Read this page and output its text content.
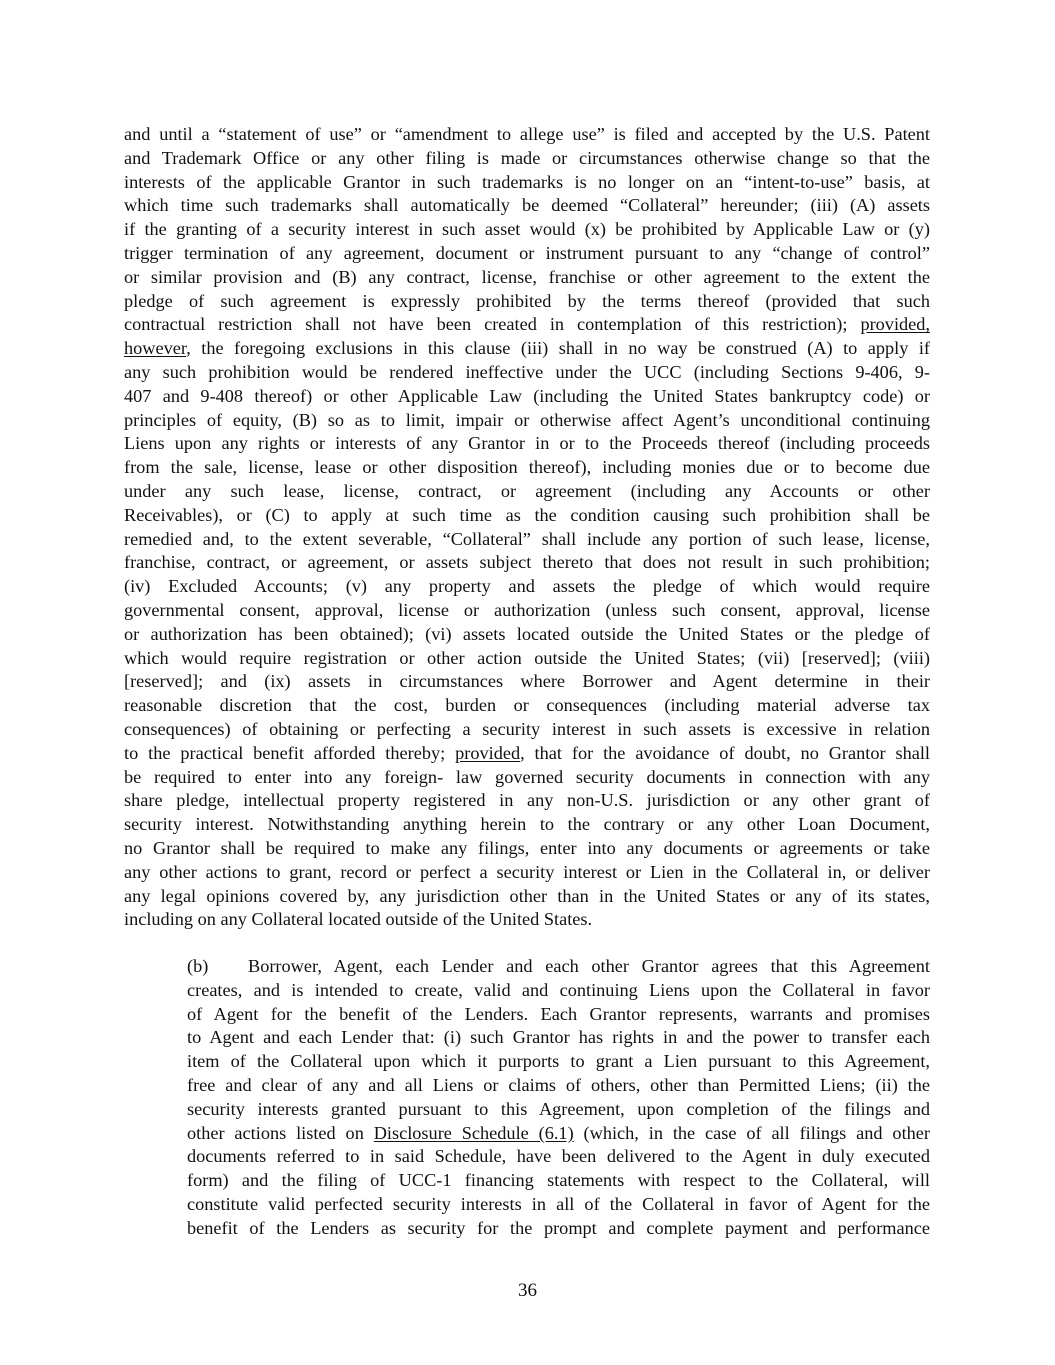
and until a “statement of use” or “amendment to allege use” is filed and accepted by the U.S. Patent
and Trademark Office or any other filing is made or circumstances otherwise change so that the
interests of the applicable Grantor in such trademarks is no longer on an “intent-to-use” basis, at
which time such trademarks shall automatically be deemed “Collateral” hereunder; (iii) (A) assets
if the granting of a security interest in such asset would (x) be prohibited by Applicable Law or (y)
trigger termination of any agreement, document or instrument pursuant to any “change of control”
or similar provision and (B) any contract, license, franchise or other agreement to the extent the
pledge of such agreement is expressly prohibited by the terms thereof (provided that such
contractual restriction shall not have been created in contemplation of this restriction); provided,
however, the foregoing exclusions in this clause (iii) shall in no way be construed (A) to apply if
any such prohibition would be rendered ineffective under the UCC (including Sections 9-406, 9-
407 and 9-408 thereof) or other Applicable Law (including the United States bankruptcy code) or
principles of equity, (B) so as to limit, impair or otherwise affect Agent’s unconditional continuing
Liens upon any rights or interests of any Grantor in or to the Proceeds thereof (including proceeds
from the sale, license, lease or other disposition thereof), including monies due or to become due
under any such lease, license, contract, or agreement (including any Accounts or other
Receivables), or (C) to apply at such time as the condition causing such prohibition shall be
remedied and, to the extent severable, “Collateral” shall include any portion of such lease, license,
franchise, contract, or agreement, or assets subject thereto that does not result in such prohibition;
(iv) Excluded Accounts; (v) any property and assets the pledge of which would require
governmental consent, approval, license or authorization (unless such consent, approval, license
or authorization has been obtained); (vi) assets located outside the United States or the pledge of
which would require registration or other action outside the United States; (vii) [reserved]; (viii)
[reserved]; and (ix) assets in circumstances where Borrower and Agent determine in their
reasonable discretion that the cost, burden or consequences (including material adverse tax
consequences) of obtaining or perfecting a security interest in such assets is excessive in relation
to the practical benefit afforded thereby; provided, that for the avoidance of doubt, no Grantor shall
be required to enter into any foreign- law governed security documents in connection with any
share pledge, intellectual property registered in any non-U.S. jurisdiction or any other grant of
security interest. Notwithstanding anything herein to the contrary or any other Loan Document,
no Grantor shall be required to make any filings, enter into any documents or agreements or take
any other actions to grant, record or perfect a security interest or Lien in the Collateral in, or deliver
any legal opinions covered by, any jurisdiction other than in the United States or any of its states,
including on any Collateral located outside of the United States.
(b) Borrower, Agent, each Lender and each other Grantor agrees that this Agreement
creates, and is intended to create, valid and continuing Liens upon the Collateral in favor
of Agent for the benefit of the Lenders. Each Grantor represents, warrants and promises
to Agent and each Lender that: (i) such Grantor has rights in and the power to transfer each
item of the Collateral upon which it purports to grant a Lien pursuant to this Agreement,
free and clear of any and all Liens or claims of others, other than Permitted Liens; (ii) the
security interests granted pursuant to this Agreement, upon completion of the filings and
other actions listed on Disclosure Schedule (6.1) (which, in the case of all filings and other
documents referred to in said Schedule, have been delivered to the Agent in duly executed
form) and the filing of UCC-1 financing statements with respect to the Collateral, will
constitute valid perfected security interests in all of the Collateral in favor of Agent for the
benefit of the Lenders as security for the prompt and complete payment and performance
36
